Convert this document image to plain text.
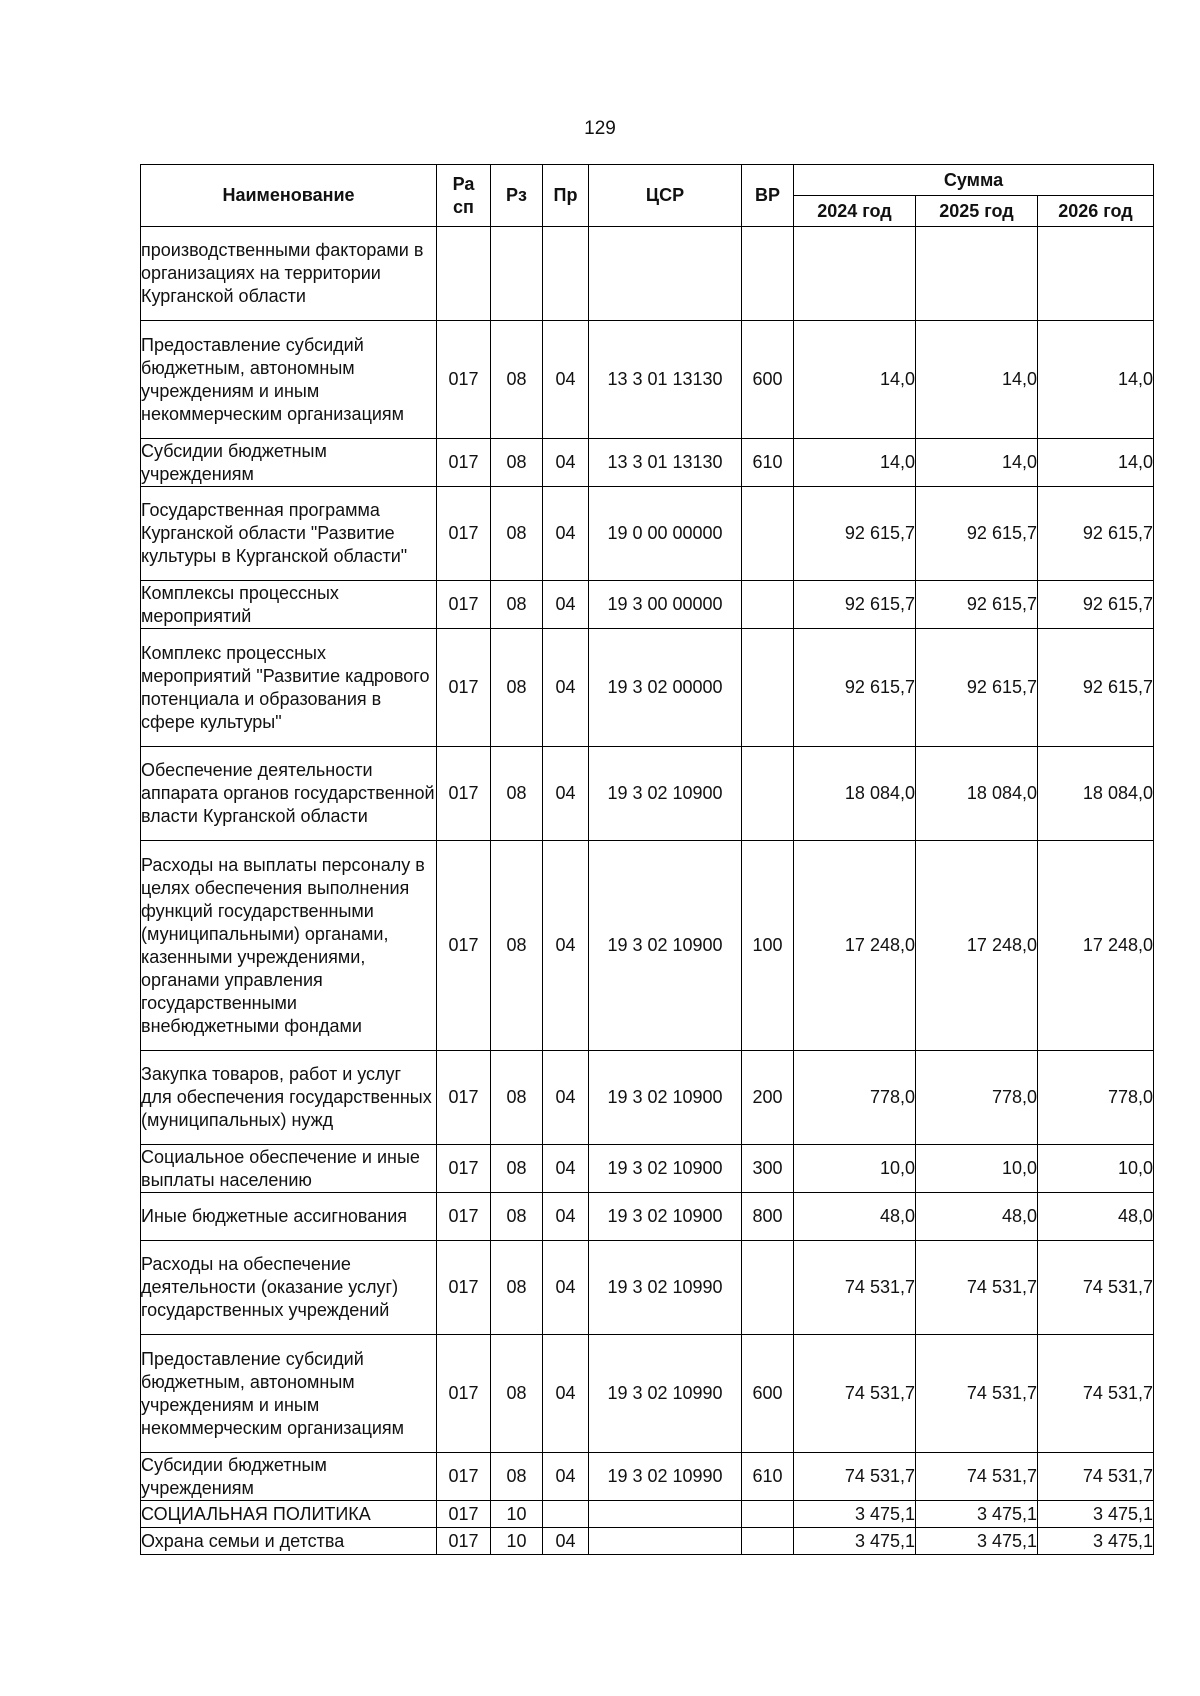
129
Наименование	Ра сп	Рз	Пр	ЦСР	ВР	Сумма		
						2024 год	2025 год	2026 год
производственными факторами в организациях на территории Курганской области								
Предоставление субсидий бюджетным, автономным учреждениям и иным некоммерческим организациям	017	08	04	13 3 01 13130	600	14,0	14,0	14,0
Субсидии бюджетным учреждениям	017	08	04	13 3 01 13130	610	14,0	14,0	14,0
Государственная программа Курганской области "Развитие культуры в Курганской области"	017	08	04	19 0 00 00000		92 615,7	92 615,7	92 615,7
Комплексы процессных мероприятий	017	08	04	19 3 00 00000		92 615,7	92 615,7	92 615,7
Комплекс процессных мероприятий "Развитие кадрового потенциала и образования в сфере культуры"	017	08	04	19 3 02 00000		92 615,7	92 615,7	92 615,7
Обеспечение деятельности аппарата органов государственной власти Курганской области	017	08	04	19 3 02 10900		18 084,0	18 084,0	18 084,0
Расходы на выплаты персоналу в целях обеспечения выполнения функций государственными (муниципальными) органами, казенными учреждениями, органами управления государственными внебюджетными фондами	017	08	04	19 3 02 10900	100	17 248,0	17 248,0	17 248,0
Закупка товаров, работ и услуг для обеспечения государственных (муниципальных) нужд	017	08	04	19 3 02 10900	200	778,0	778,0	778,0
Социальное обеспечение и иные выплаты населению	017	08	04	19 3 02 10900	300	10,0	10,0	10,0
Иные бюджетные ассигнования	017	08	04	19 3 02 10900	800	48,0	48,0	48,0
Расходы на обеспечение деятельности (оказание услуг) государственных учреждений	017	08	04	19 3 02 10990		74 531,7	74 531,7	74 531,7
Предоставление субсидий бюджетным, автономным учреждениям и иным некоммерческим организациям	017	08	04	19 3 02 10990	600	74 531,7	74 531,7	74 531,7
Субсидии бюджетным учреждениям	017	08	04	19 3 02 10990	610	74 531,7	74 531,7	74 531,7
СОЦИАЛЬНАЯ ПОЛИТИКА	017	10				3 475,1	3 475,1	3 475,1
Охрана семьи и детства	017	10	04			3 475,1	3 475,1	3 475,1
